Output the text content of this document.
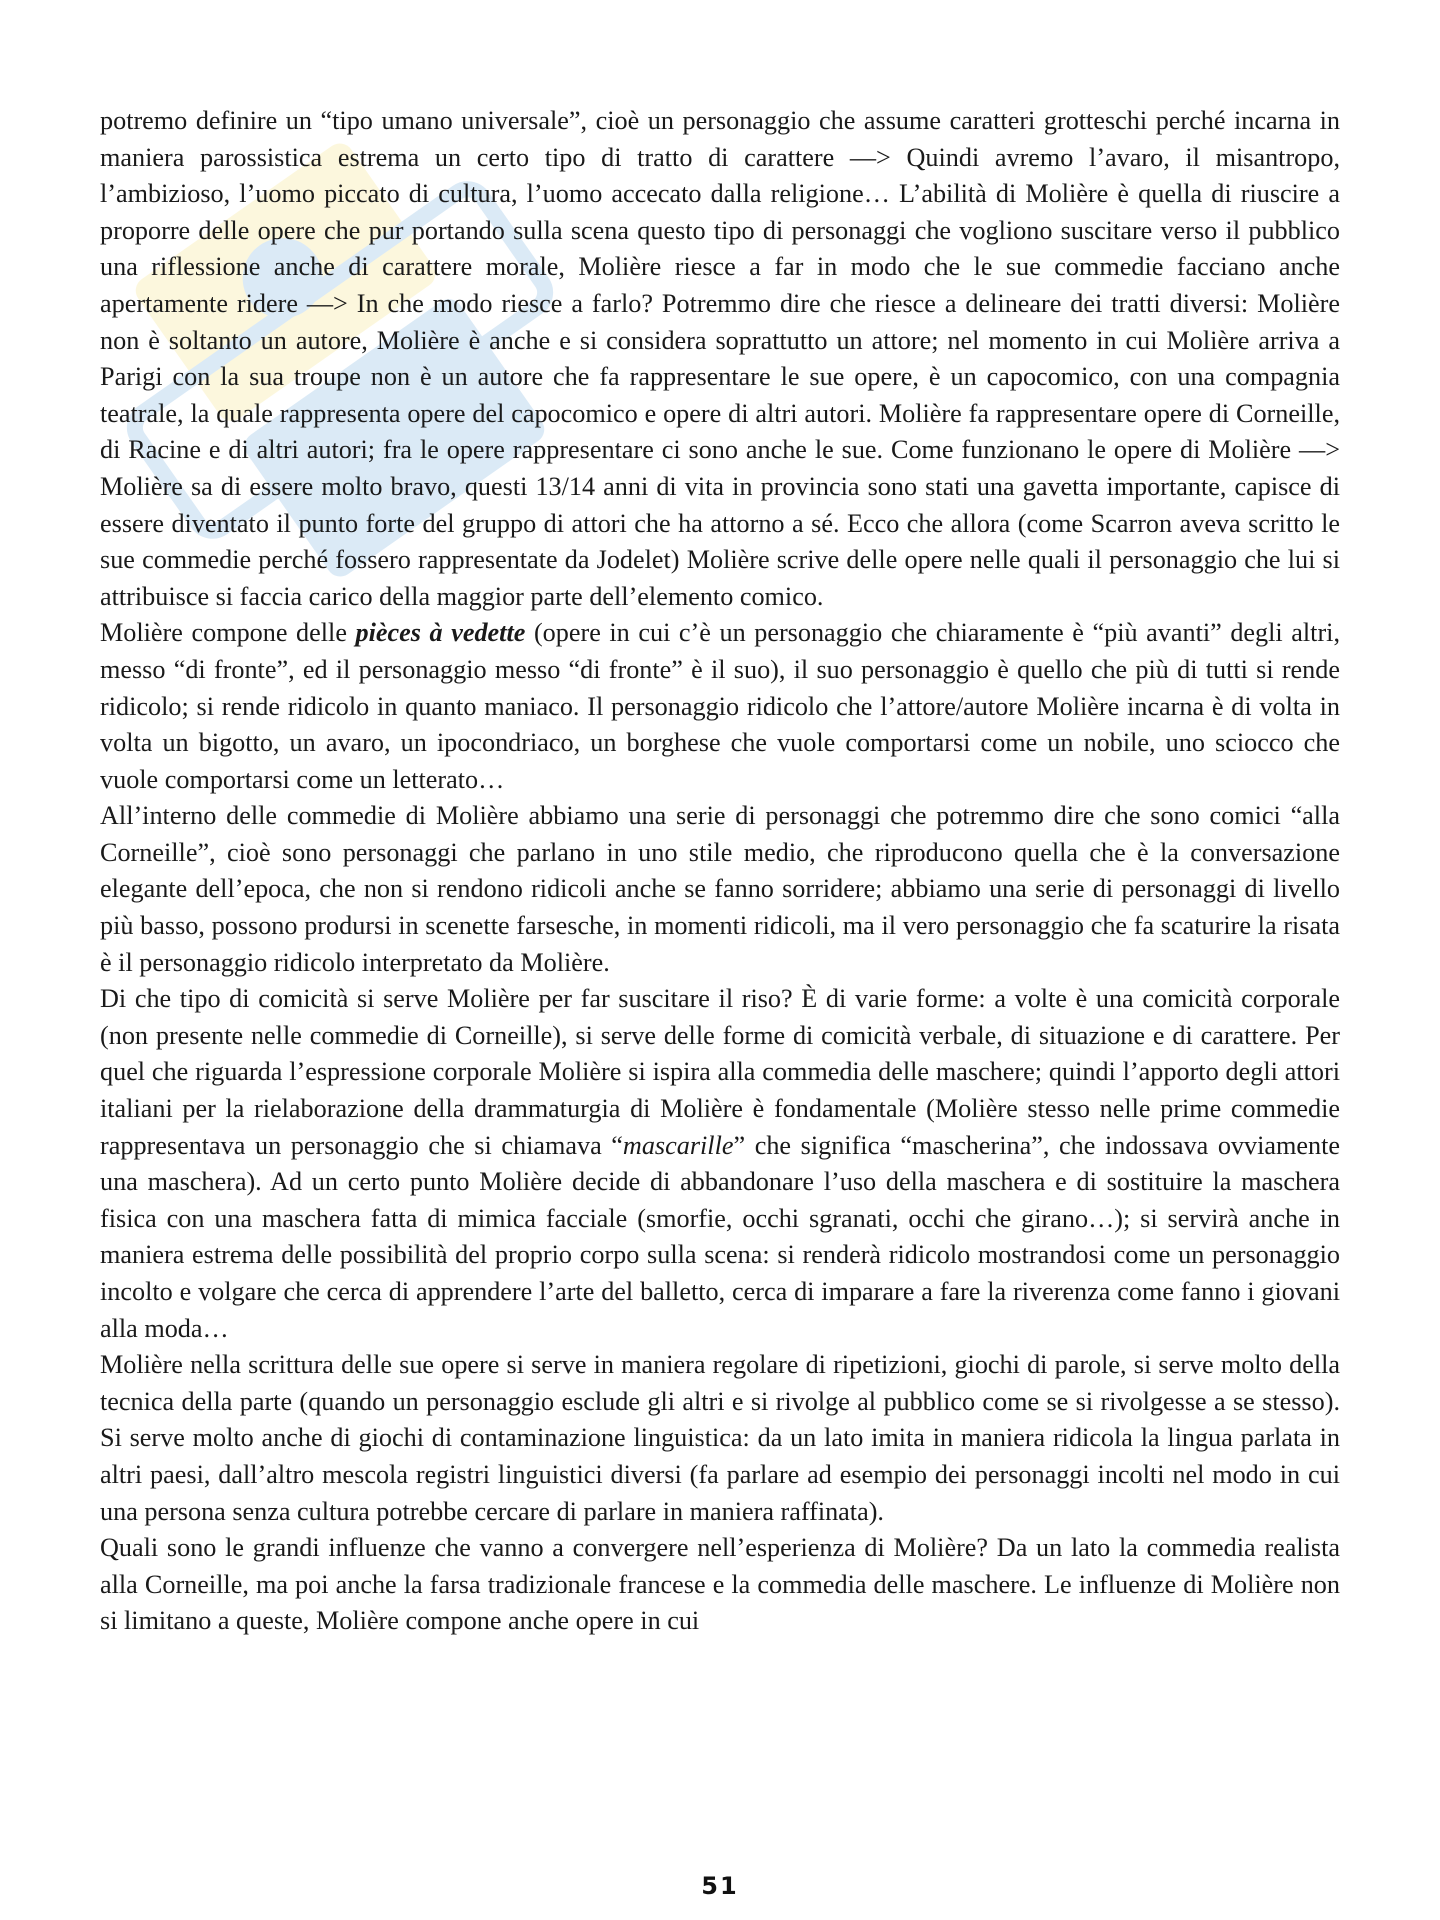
potremo definire un “tipo umano universale”, cioè un personaggio che assume caratteri grotteschi perché incarna in maniera parossistica estrema un certo tipo di tratto di carattere —> Quindi avremo l’avaro, il misantropo, l’ambizioso, l’uomo piccato di cultura, l’uomo accecato dalla religione… L’abilità di Molière è quella di riuscire a proporre delle opere che pur portando sulla scena questo tipo di personaggi che vogliono suscitare verso il pubblico una riflessione anche di carattere morale, Molière riesce a far in modo che le sue commedie facciano anche apertamente ridere —> In che modo riesce a farlo? Potremmo dire che riesce a delineare dei tratti diversi: Molière non è soltanto un autore, Molière è anche e si considera soprattutto un attore; nel momento in cui Molière arriva a Parigi con la sua troupe non è un autore che fa rappresentare le sue opere, è un capocomico, con una compagnia teatrale, la quale rappresenta opere del capocomico e opere di altri autori. Molière fa rappresentare opere di Corneille, di Racine e di altri autori; fra le opere rappresentare ci sono anche le sue. Come funzionano le opere di Molière —> Molière sa di essere molto bravo, questi 13/14 anni di vita in provincia sono stati una gavetta importante, capisce di essere diventato il punto forte del gruppo di attori che ha attorno a sé. Ecco che allora (come Scarron aveva scritto le sue commedie perché fossero rappresentate da Jodelet) Molière scrive delle opere nelle quali il personaggio che lui si attribuisce si faccia carico della maggior parte dell’elemento comico.

Molière compone delle pièces à vedette (opere in cui c’è un personaggio che chiaramente è “più avanti” degli altri, messo “di fronte”, ed il personaggio messo “di fronte” è il suo), il suo personaggio è quello che più di tutti si rende ridicolo; si rende ridicolo in quanto maniaco. Il personaggio ridicolo che l’attore/autore Molière incarna è di volta in volta un bigotto, un avaro, un ipocondriaco, un borghese che vuole comportarsi come un nobile, uno sciocco che vuole comportarsi come un letterato…

All’interno delle commedie di Molière abbiamo una serie di personaggi che potremmo dire che sono comici “alla Corneille”, cioè sono personaggi che parlano in uno stile medio, che riproducono quella che è la conversazione elegante dell’epoca, che non si rendono ridicoli anche se fanno sorridere; abbiamo una serie di personaggi di livello più basso, possono prodursi in scenette farsesche, in momenti ridicoli, ma il vero personaggio che fa scaturire la risata è il personaggio ridicolo interpretato da Molière.

Di che tipo di comicità si serve Molière per far suscitare il riso? È di varie forme: a volte è una comicità corporale (non presente nelle commedie di Corneille), si serve delle forme di comicità verbale, di situazione e di carattere. Per quel che riguarda l’espressione corporale Molière si ispira alla commedia delle maschere; quindi l’apporto degli attori italiani per la rielaborazione della drammaturgia di Molière è fondamentale (Molière stesso nelle prime commedie rappresentava un personaggio che si chiamava “mascarille” che significa “mascherina”, che indossava ovviamente una maschera). Ad un certo punto Molière decide di abbandonare l’uso della maschera e di sostituire la maschera fisica con una maschera fatta di mimica facciale (smorfie, occhi sgranati, occhi che girano…); si servirà anche in maniera estrema delle possibilità del proprio corpo sulla scena: si renderà ridicolo mostrandosi come un personaggio incolto e volgare che cerca di apprendere l’arte del balletto, cerca di imparare a fare la riverenza come fanno i giovani alla moda…

Molière nella scrittura delle sue opere si serve in maniera regolare di ripetizioni, giochi di parole, si serve molto della tecnica della parte (quando un personaggio esclude gli altri e si rivolge al pubblico come se si rivolgesse a se stesso). Si serve molto anche di giochi di contaminazione linguistica: da un lato imita in maniera ridicola la lingua parlata in altri paesi, dall’altro mescola registri linguistici diversi (fa parlare ad esempio dei personaggi incolti nel modo in cui una persona senza cultura potrebbe cercare di parlare in maniera raffinata).

Quali sono le grandi influenze che vanno a convergere nell’esperienza di Molière? Da un lato la commedia realista alla Corneille, ma poi anche la farsa tradizionale francese e la commedia delle maschere. Le influenze di Molière non si limitano a queste, Molière compone anche opere in cui

51
